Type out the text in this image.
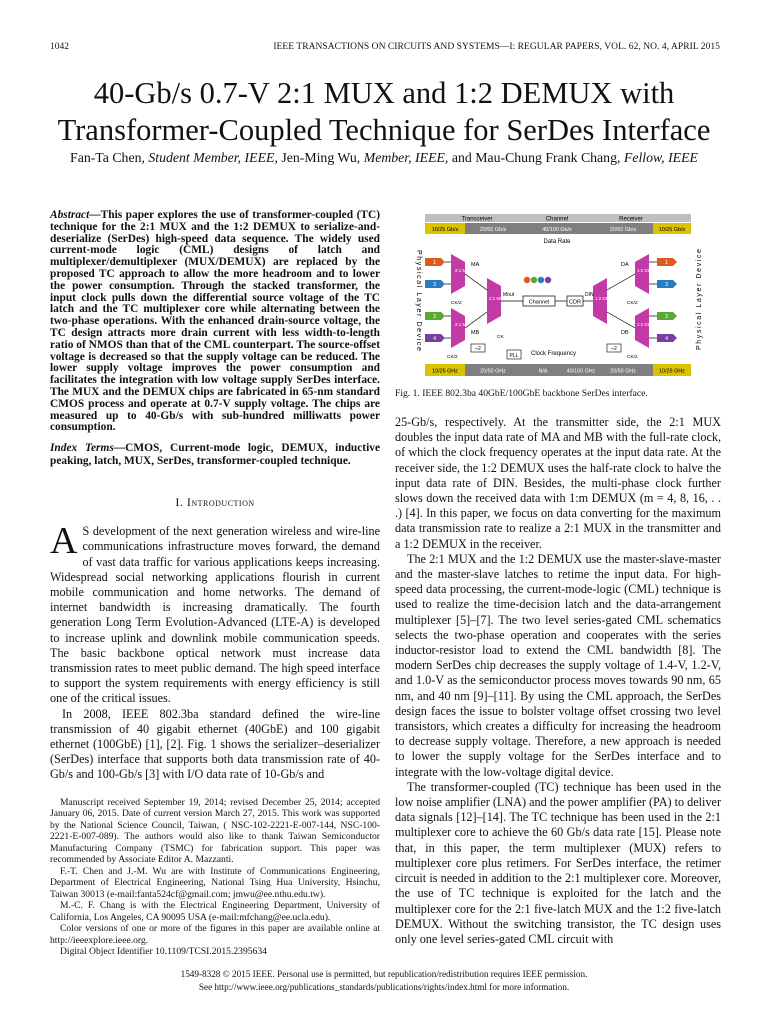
1042	IEEE TRANSACTIONS ON CIRCUITS AND SYSTEMS—I: REGULAR PAPERS, VOL. 62, NO. 4, APRIL 2015
40-Gb/s 0.7-V 2:1 MUX and 1:2 DEMUX with
Transformer-Coupled Technique for SerDes Interface
Fan-Ta Chen, Student Member, IEEE, Jen-Ming Wu, Member, IEEE, and Mau-Chung Frank Chang, Fellow, IEEE
Abstract—This paper explores the use of transformer-coupled (TC) technique for the 2:1 MUX and the 1:2 DEMUX to serialize-and-deserialize (SerDes) high-speed data sequence. The widely used current-mode logic (CML) designs of latch and multiplexer/demultiplexer (MUX/DEMUX) are replaced by the proposed TC approach to allow the more headroom and to lower the power consumption. Through the stacked transformer, the input clock pulls down the differential source voltage of the TC latch and the TC multiplexer core while alternating between the two-phase operations. With the enhanced drain-source voltage, the TC design attracts more drain current with less width-to-length ratio of NMOS than that of the CML counterpart. The source-offset voltage is decreased so that the supply voltage can be reduced. The lower supply voltage improves the power consumption and facilitates the integration with low voltage supply SerDes interface. The MUX and the DEMUX chips are fabricated in 65-nm standard CMOS process and operate at 0.7-V supply voltage. The chips are measured up to 40-Gb/s with sub-hundred milliwatts power consumption.
Index Terms—CMOS, Current-mode logic, DEMUX, inductive peaking, latch, MUX, SerDes, transformer-coupled technique.
I. Introduction

A S development of the next generation wireless and wire-line communications infrastructure moves forward, the demand of vast data traffic for various applications keeps increasing. Widespread social networking applications flourish in current mobile communication and home networks. The demand of internet bandwidth is increasing dramatically. The fourth generation Long Term Evolution-Advanced (LTE-A) is developed to increase uplink and downlink mobile communication speeds. The basic backbone optical network must increase data transmission rates to meet public demand. The high speed interface to support the system requirements with energy efficiency is still one of the critical issues.

In 2008, IEEE 802.3ba standard defined the wire-line transmission of 40 gigabit ethernet (40GbE) and 100 gigabit ethernet (100GbE) [1], [2]. Fig. 1 shows the serializer–deserializer (SerDes) interface that supports both data transmission rate of 40-Gb/s and 100-Gb/s [3] with I/O data rate of 10-Gb/s and

Manuscript received September 19, 2014; revised December 25, 2014; accepted January 06, 2015. Date of current version March 27, 2015. This work was supported by the National Science Council, Taiwan, ( NSC-102-2221-E-007-144, NSC-100-2221-E-007-089). The authors would also like to thank Taiwan Semiconductor Manufacturing Company (TSMC) for fabrication support. This paper was recommended by Associate Editor A. Mazzanti.

F.-T. Chen and J.-M. Wu are with Institute of Communications Engineering, Department of Electrical Engineering, National Tsing Hua University, Hsinchu, Taiwan 30013 (e-mail:fanta524cf@gmail.com; jmwu@ee.nthu.edu.tw).

M.-C. F. Chang is with the Electrical Engineering Department, University of California, Los Angeles, CA 90095 USA (e-mail:mfchang@ee.ucla.edu).

Color versions of one or more of the figures in this paper are available online at http://ieeexplore.ieee.org.

Digital Object Identifier 10.1109/TCSI.2015.2395634

Transceiver	Channel	Receiver
10/25 Gb/s	20/50 Gb/s	40/100 Gb/s	20/50 Gb/s	10/25 Gb/s
Data Rate
Physical Layer Device	Physical Layer Device
2:1 MUX
2:1 MUX
2:1 MUX	1:2 DEMUX
1:2 DEMUX
1:2 DEMUX
1
3
2
4
1
3
2
4
Channel	CDR
MA
MB
Mout	DIN
DA
DB
CK/2
CK/2
CK
CK/2
CK/2
÷2
PLL
÷2
Clock Frequency
10/25 GHz	20/50 GHz	N/A	40/100 GHz	20/50 GHz	10/25 GHz
Fig. 1. IEEE 802.3ba 40GbE/100GbE backbone SerDes interface.

25-Gb/s, respectively. At the transmitter side, the 2:1 MUX doubles the input data rate of MA and MB with the full-rate clock, of which the clock frequency operates at the input data rate. At the receiver side, the 1:2 DEMUX uses the half-rate clock to halve the input data rate of DIN. Besides, the multi-phase clock further slows down the received data with 1:m DEMUX (m = 4, 8, 16, . . .) [4]. In this paper, we focus on data converting for the maximum data transmission rate to realize a 2:1 MUX in the transmitter and a 1:2 DEMUX in the receiver.

The 2:1 MUX and the 1:2 DEMUX use the master-slave-master and the master-slave latches to retime the input data. For high-speed data processing, the current-mode-logic (CML) technique is used to realize the time-decision latch and the data-arrangement multiplexer [5]–[7]. The two level series-gated CML schematics selects the two-phase operation and cooperates with the series inductor-resistor load to extend the CML bandwidth [8]. The modern SerDes chip decreases the supply voltage of 1.4-V, 1.2-V, and 1.0-V as the semiconductor process moves towards 90 nm, 65 nm, and 40 nm [9]–[11]. By using the CML approach, the SerDes design faces the issue to bolster voltage offset crossing two level transistors, which creates a difficulty for increasing the headroom to decrease supply voltage. Therefore, a new approach is needed to lower the supply voltage for the SerDes interface and to integrate with the low-voltage digital device.

The transformer-coupled (TC) technique has been used in the low noise amplifier (LNA) and the power amplifier (PA) to deliver data signals [12]–[14]. The TC technique has been used in the 2:1 multiplexer core to achieve the 60 Gb/s data rate [15]. Please note that, in this paper, the term multiplexer (MUX) refers to multiplexer core plus retimers. For SerDes interface, the retimer circuit is needed in addition to the 2:1 multiplexer core. Moreover, the use of TC technique is exploited for the latch and the multiplexer core for the 2:1 five-latch MUX and the 1:2 five-latch DEMUX. Without the switching transistor, the TC design uses only one level series-gated CML circuit with

1549-8328 © 2015 IEEE. Personal use is permitted, but republication/redistribution requires IEEE permission.
See http://www.ieee.org/publications_standards/publications/rights/index.html for more information.
